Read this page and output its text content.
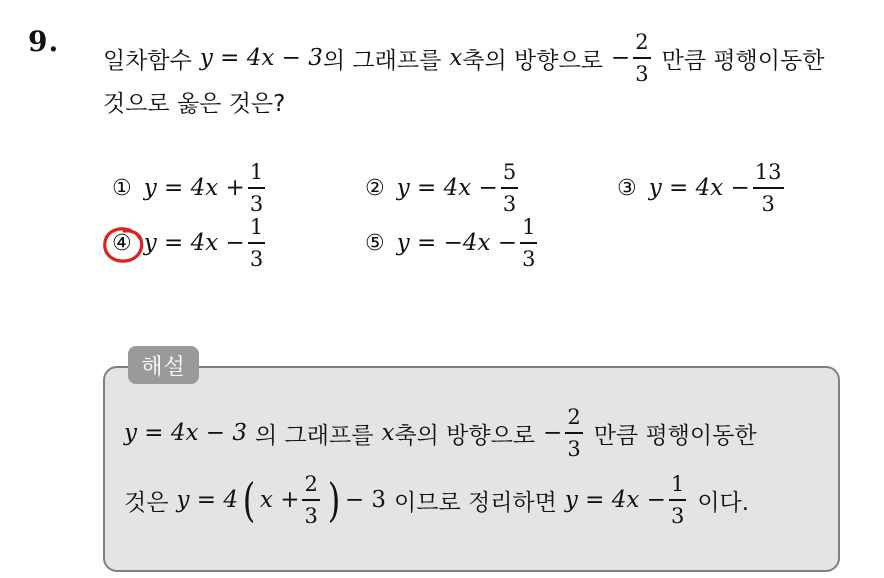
9.
일차함수 y = 4x − 3 의 그래프를 x 축의 방향으로 − $\frac{2}{3}$ 만큼 평행이동한
것으로 옳은 것은?
① $y = 4x + \frac{1}{3}$	② $y = 4x - \frac{5}{3}$	③ $y = 4x - \frac{13}{3}$
④ $y = 4x - \frac{1}{3}$	⑤ $y = -4x - \frac{1}{3}$
해설
y = 4x − 3 의 그래프를 x 축의 방향으로 − $\frac{2}{3}$ 만큼 평행이동한
것은 y = 4 ( $x + \frac{2}{3}$ ) − 3 이므로 정리하면 $y = 4x - \frac{1}{3}$ 이다.
